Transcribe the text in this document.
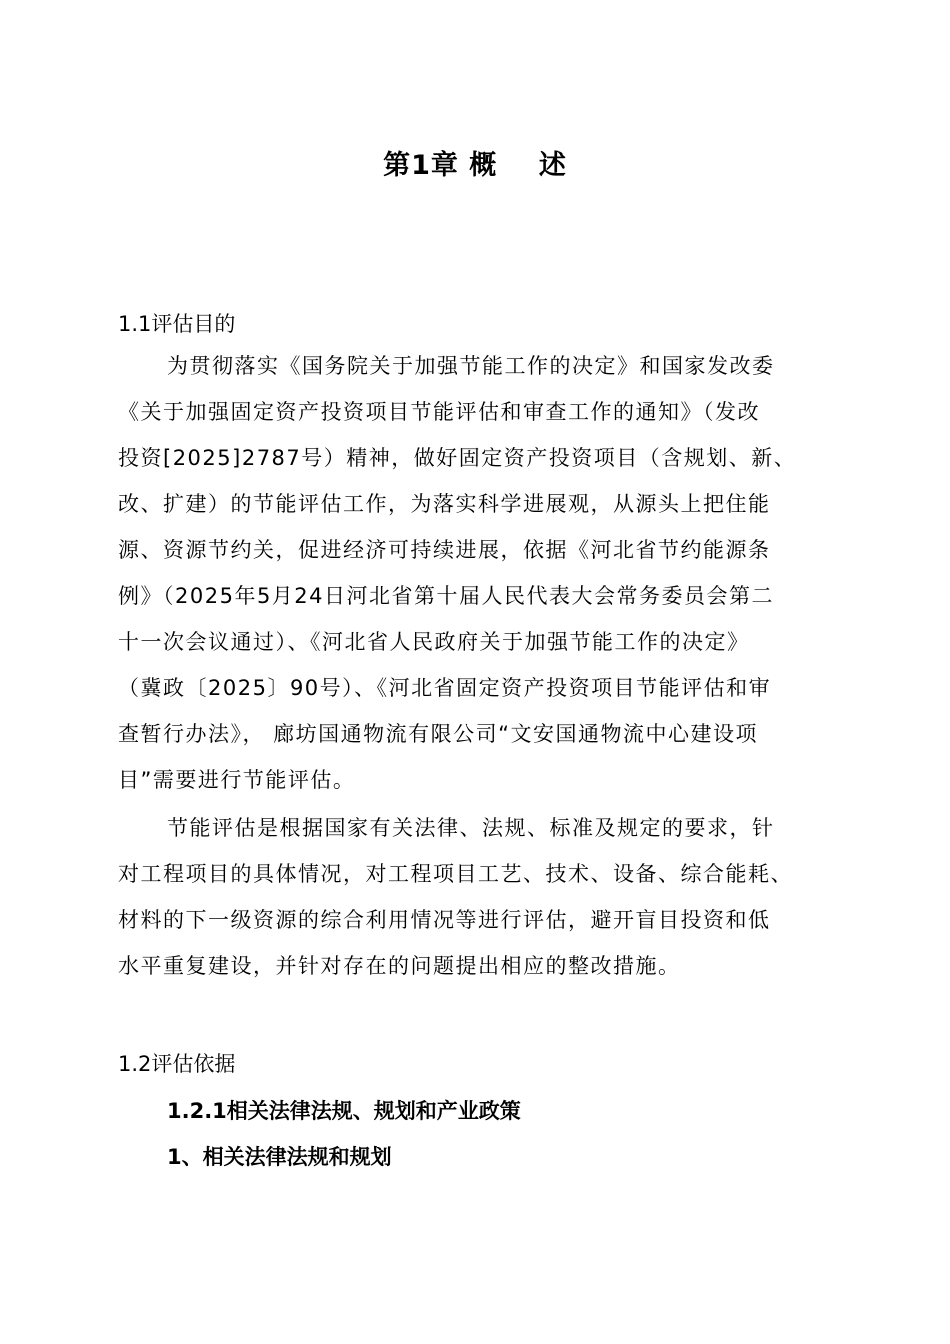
第1章 概    述
1.1评估目的
为贯彻落实《国务院关于加强节能工作的决定》和国家发改委
《关于加强固定资产投资项目节能评估和审查工作的通知》（发改
投资[2025]2787号）精神，做好固定资产投资项目（含规划、新、
改、扩建）的节能评估工作，为落实科学进展观，从源头上把住能
源、资源节约关，促进经济可持续进展，依据《河北省节约能源条
例》（2025年5月24日河北省第十届人民代表大会常务委员会第二
十一次会议通过）、《河北省人民政府关于加强节能工作的决定》
（冀政〔2025〕90号）、《河北省固定资产投资项目节能评估和审
查暂行办法》， 廊坊国通物流有限公司“文安国通物流中心建设项
目”需要进行节能评估。
节能评估是根据国家有关法律、法规、标准及规定的要求，针
对工程项目的具体情况，对工程项目工艺、技术、设备、综合能耗、
材料的下一级资源的综合利用情况等进行评估，避开盲目投资和低
水平重复建设，并针对存在的问题提出相应的整改措施。
1.2评估依据
1.2.1相关法律法规、规划和产业政策
1、相关法律法规和规划
